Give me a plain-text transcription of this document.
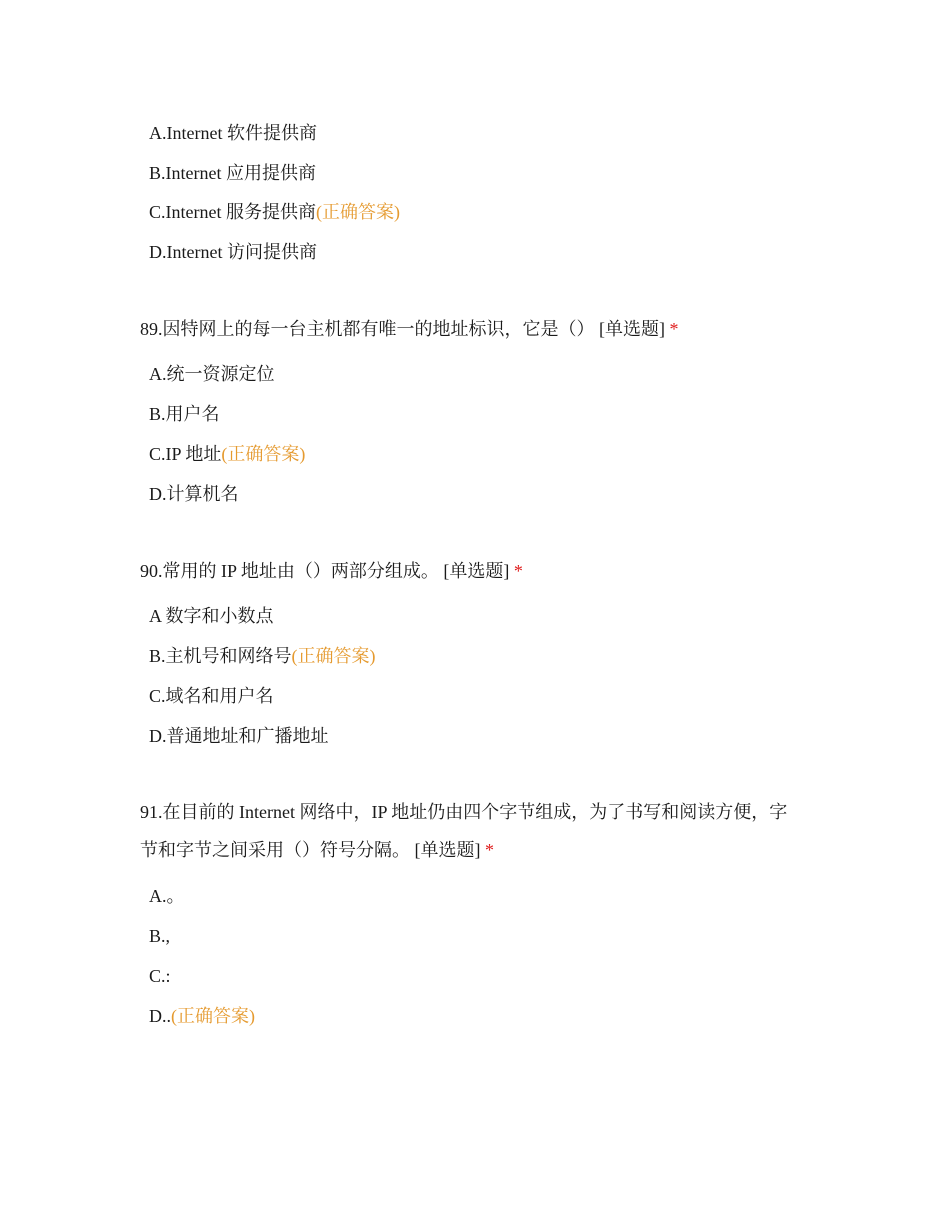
A.Internet 软件提供商
B.Internet 应用提供商
C.Internet 服务提供商(正确答案)
D.Internet 访问提供商
89.因特网上的每一台主机都有唯一的地址标识，它是（） [单选题] *
A.统一资源定位
B.用户名
C.IP 地址(正确答案)
D.计算机名
90.常用的 IP 地址由（）两部分组成。 [单选题] *
A 数字和小数点
B.主机号和网络号(正确答案)
C.域名和用户名
D.普通地址和广播地址
91.在目前的 Internet 网络中，IP 地址仍由四个字节组成，为了书写和阅读方便，字
节和字节之间采用（）符号分隔。 [单选题] *
A.。
B.,
C.:
D..(正确答案)
